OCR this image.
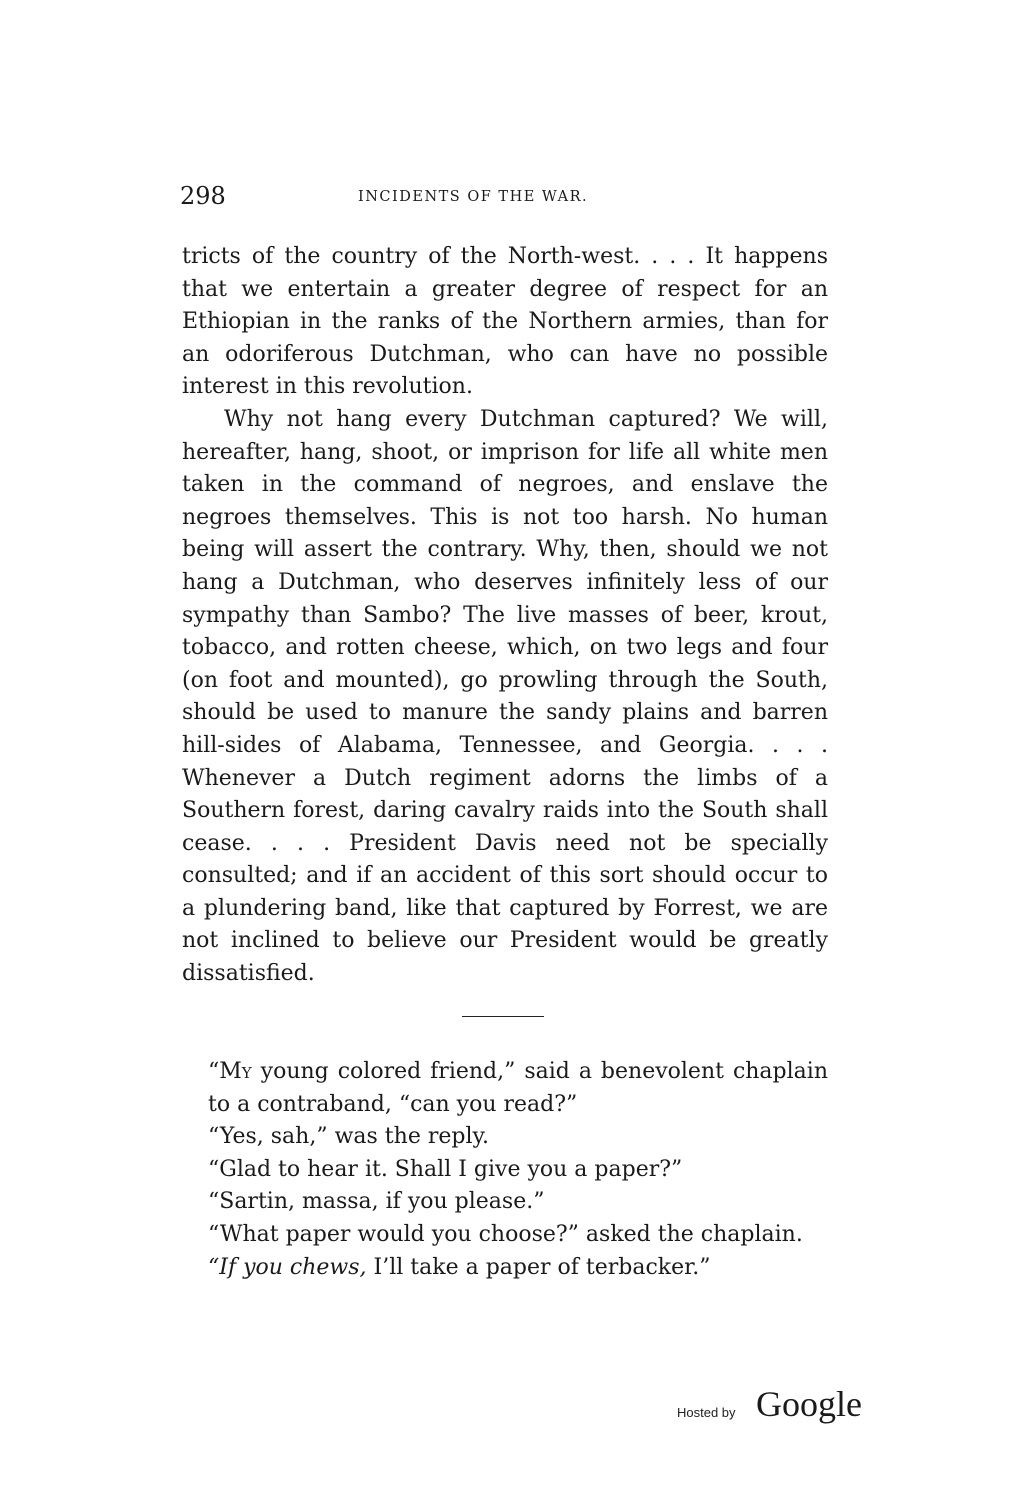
298	INCIDENTS OF THE WAR.

tricts of the country of the North-west. . . . It happens that we entertain a greater degree of respect for an Ethiopian in the ranks of the Northern armies, than for an odoriferous Dutchman, who can have no possible interest in this revolution.

Why not hang every Dutchman captured? We will, hereafter, hang, shoot, or imprison for life all white men taken in the command of negroes, and enslave the negroes themselves. This is not too harsh. No human being will assert the contrary. Why, then, should we not hang a Dutchman, who deserves infinitely less of our sympathy than Sambo? The live masses of beer, krout, tobacco, and rotten cheese, which, on two legs and four (on foot and mounted), go prowling through the South, should be used to manure the sandy plains and barren hill-sides of Alabama, Tennessee, and Georgia. . . . Whenever a Dutch regiment adorns the limbs of a Southern forest, daring cavalry raids into the South shall cease. . . . President Davis need not be specially consulted; and if an accident of this sort should occur to a plundering band, like that captured by Forrest, we are not inclined to believe our President would be greatly dissatisfied.

“My young colored friend,” said a benevolent chaplain to a contraband, “can you read?”
“Yes, sah,” was the reply.
“Glad to hear it. Shall I give you a paper?”
“Sartin, massa, if you please.”
“What paper would you choose?” asked the chaplain.
“If you chews, I’ll take a paper of terbacker.”
Hosted by Google
